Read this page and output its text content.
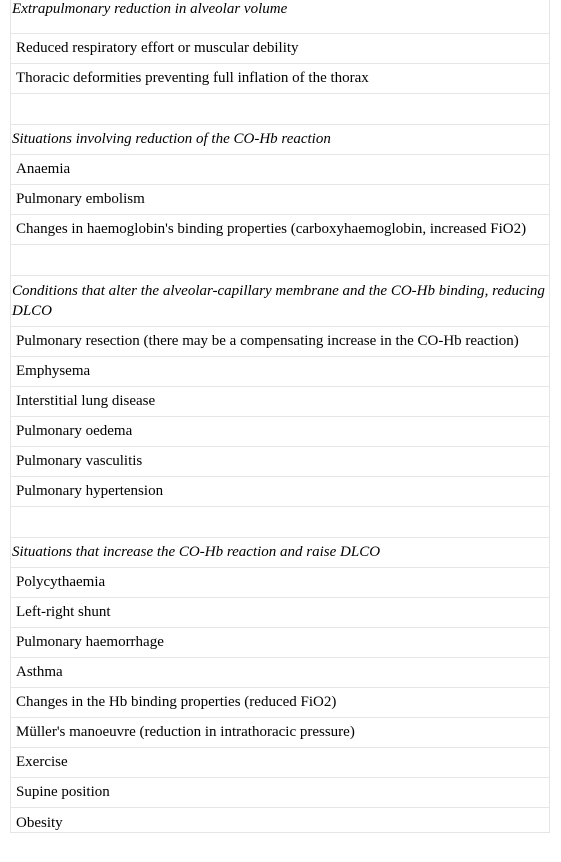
Extrapulmonary reduction in alveolar volume
Reduced respiratory effort or muscular debility
Thoracic deformities preventing full inflation of the thorax

Situations involving reduction of the CO-Hb reaction
Anaemia
Pulmonary embolism
Changes in haemoglobin's binding properties (carboxyhaemoglobin, increased FiO2)

Conditions that alter the alveolar-capillary membrane and the CO-Hb binding, reducing DLCO
Pulmonary resection (there may be a compensating increase in the CO-Hb reaction)
Emphysema
Interstitial lung disease
Pulmonary oedema
Pulmonary vasculitis
Pulmonary hypertension

Situations that increase the CO-Hb reaction and raise DLCO
Polycythaemia
Left-right shunt
Pulmonary haemorrhage
Asthma
Changes in the Hb binding properties (reduced FiO2)
Müller's manoeuvre (reduction in intrathoracic pressure)
Exercise
Supine position
Obesity
